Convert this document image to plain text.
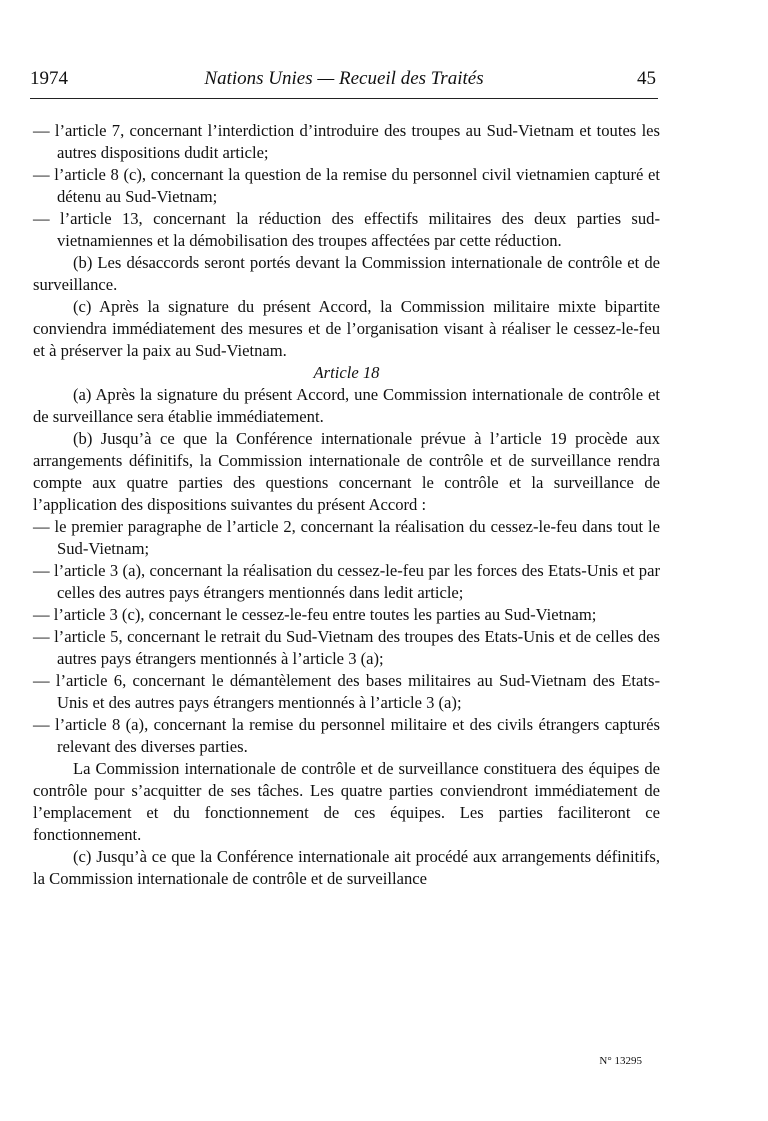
1974	Nations Unies — Recueil des Traités	45

— l’article 7, concernant l’interdiction d’introduire des troupes au Sud-Vietnam et toutes les autres dispositions dudit article;

— l’article 8 (c), concernant la question de la remise du personnel civil vietnamien capturé et détenu au Sud-Vietnam;

— l’article 13, concernant la réduction des effectifs militaires des deux parties sud-vietnamiennes et la démobilisation des troupes affectées par cette réduction.

(b) Les désaccords seront portés devant la Commission internationale de contrôle et de surveillance.

(c) Après la signature du présent Accord, la Commission militaire mixte bipartite conviendra immédiatement des mesures et de l’organisation visant à réaliser le cessez-le-feu et à préserver la paix au Sud-Vietnam.

Article 18

(a) Après la signature du présent Accord, une Commission internationale de contrôle et de surveillance sera établie immédiatement.

(b) Jusqu’à ce que la Conférence internationale prévue à l’article 19 procède aux arrangements définitifs, la Commission internationale de contrôle et de surveillance rendra compte aux quatre parties des questions concernant le contrôle et la surveillance de l’application des dispositions suivantes du présent Accord :

— le premier paragraphe de l’article 2, concernant la réalisation du cessez-le-feu dans tout le Sud-Vietnam;

— l’article 3 (a), concernant la réalisation du cessez-le-feu par les forces des Etats-Unis et par celles des autres pays étrangers mentionnés dans ledit article;

— l’article 3 (c), concernant le cessez-le-feu entre toutes les parties au Sud-Vietnam;

— l’article 5, concernant le retrait du Sud-Vietnam des troupes des Etats-Unis et de celles des autres pays étrangers mentionnés à l’article 3 (a);

— l’article 6, concernant le démantèlement des bases militaires au Sud-Vietnam des Etats-Unis et des autres pays étrangers mentionnés à l’article 3 (a);

— l’article 8 (a), concernant la remise du personnel militaire et des civils étrangers capturés relevant des diverses parties.

La Commission internationale de contrôle et de surveillance constituera des équipes de contrôle pour s’acquitter de ses tâches. Les quatre parties conviendront immédiatement de l’emplacement et du fonctionnement de ces équipes. Les parties faciliteront ce fonctionnement.

(c) Jusqu’à ce que la Conférence internationale ait procédé aux arrangements définitifs, la Commission internationale de contrôle et de surveillance

N° 13295
